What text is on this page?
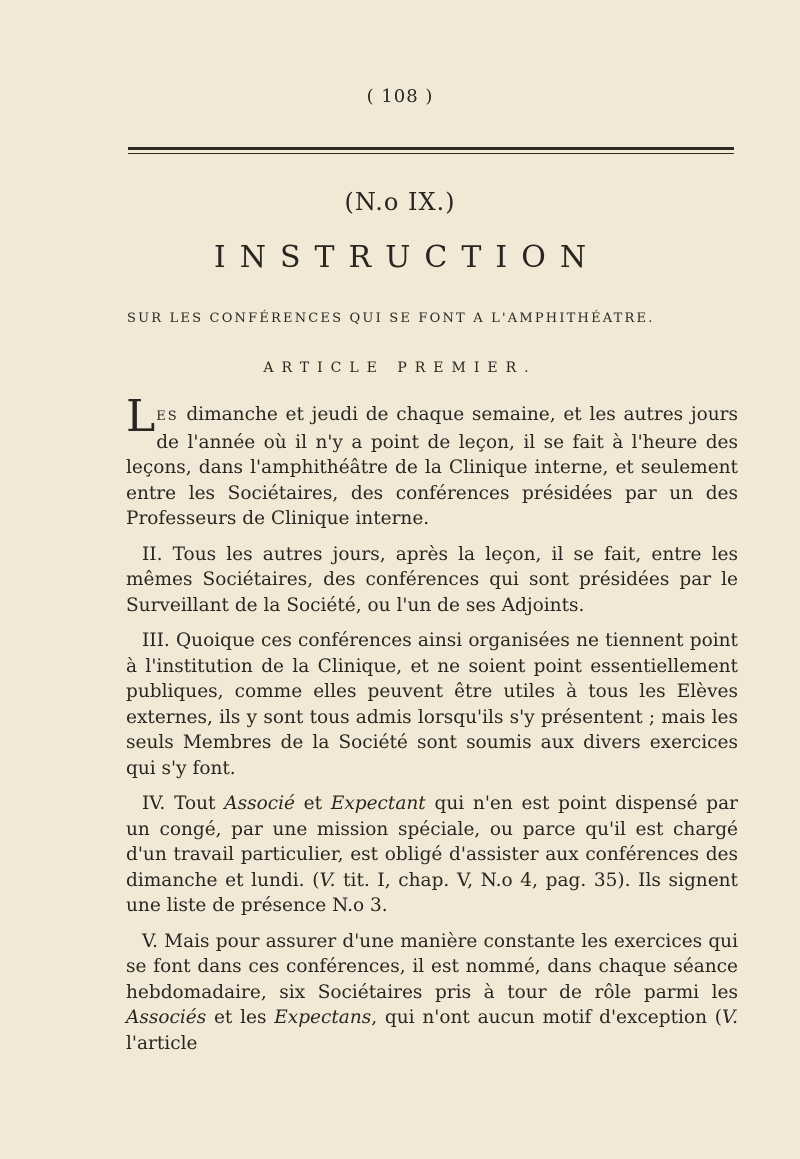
( 108 )
(N.o IX.)
INSTRUCTION
SUR LES CONFÉRENCES QUI SE FONT A L'AMPHITHÉATRE.
ARTICLE PREMIER.

LES dimanche et jeudi de chaque semaine, et les autres jours de l'année où il n'y a point de leçon, il se fait à l'heure des leçons, dans l'amphithéâtre de la Clinique interne, et seulement entre les Sociétaires, des conférences présidées par un des Professeurs de Clinique interne.

II. Tous les autres jours, après la leçon, il se fait, entre les mêmes Sociétaires, des conférences qui sont présidées par le Surveillant de la Société, ou l'un de ses Adjoints.

III. Quoique ces conférences ainsi organisées ne tiennent point à l'institution de la Clinique, et ne soient point essentiellement publiques, comme elles peuvent être utiles à tous les Elèves externes, ils y sont tous admis lorsqu'ils s'y présentent ; mais les seuls Membres de la Société sont soumis aux divers exercices qui s'y font.

IV. Tout Associé et Expectant qui n'en est point dispensé par un congé, par une mission spéciale, ou parce qu'il est chargé d'un travail particulier, est obligé d'assister aux conférences des dimanche et lundi. (V. tit. I, chap. V, N.o 4, pag. 35). Ils signent une liste de présence N.o 3.

V. Mais pour assurer d'une manière constante les exercices qui se font dans ces conférences, il est nommé, dans chaque séance hebdomadaire, six Sociétaires pris à tour de rôle parmi les Associés et les Expectans, qui n'ont aucun motif d'exception (V. l'article
